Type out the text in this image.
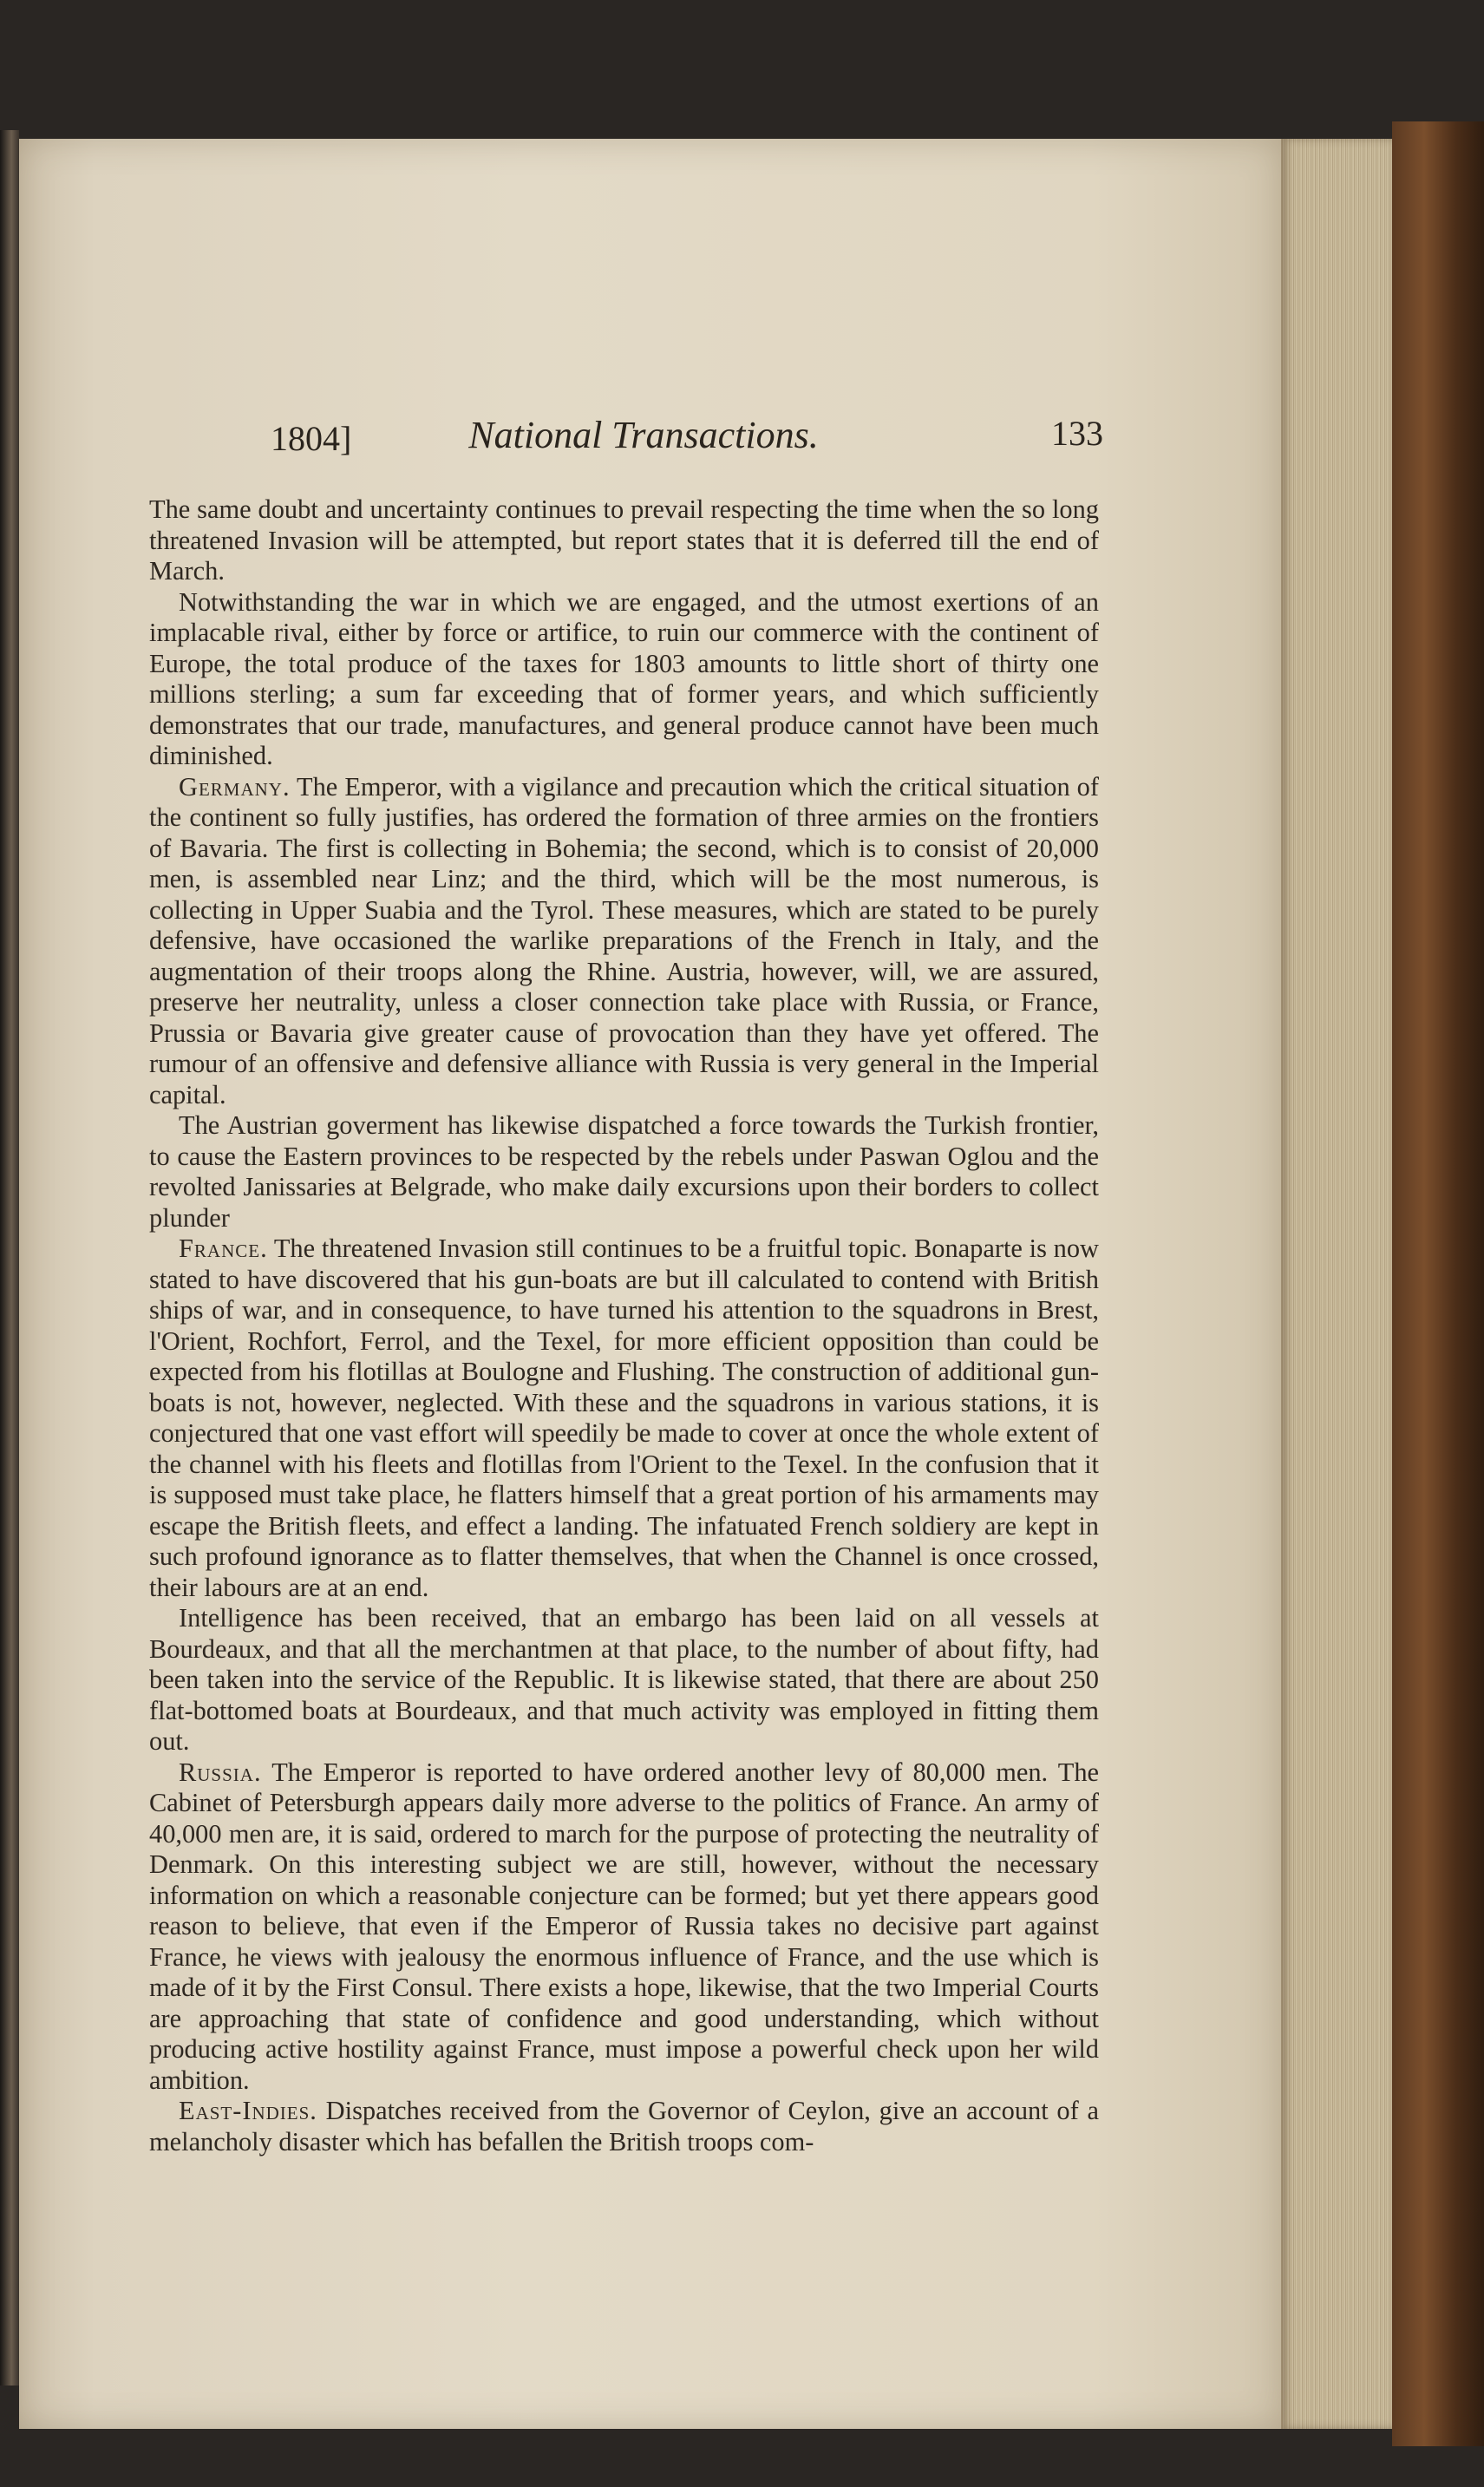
1804]	National Transactions.	133

The same doubt and uncertainty continues to prevail respecting the time when the so long threatened Invasion will be attempted, but report states that it is deferred till the end of March.

Notwithstanding the war in which we are engaged, and the utmost exertions of an implacable rival, either by force or artifice, to ruin our commerce with the continent of Europe, the total produce of the taxes for 1803 amounts to little short of thirty one millions sterling; a sum far exceeding that of former years, and which sufficiently demonstrates that our trade, manufactures, and general produce cannot have been much diminished.

Germany. The Emperor, with a vigilance and precaution which the critical situation of the continent so fully justifies, has ordered the formation of three armies on the frontiers of Bavaria. The first is collecting in Bohemia; the second, which is to consist of 20,000 men, is assembled near Linz; and the third, which will be the most numerous, is collecting in Upper Suabia and the Tyrol. These measures, which are stated to be purely defensive, have occasioned the warlike preparations of the French in Italy, and the augmentation of their troops along the Rhine. Austria, however, will, we are assured, preserve her neutrality, unless a closer connection take place with Russia, or France, Prussia or Bavaria give greater cause of provocation than they have yet offered. The rumour of an offensive and defensive alliance with Russia is very general in the Imperial capital.

The Austrian goverment has likewise dispatched a force towards the Turkish frontier, to cause the Eastern provinces to be respected by the rebels under Paswan Oglou and the revolted Janissaries at Belgrade, who make daily excursions upon their borders to collect plunder

France. The threatened Invasion still continues to be a fruitful topic. Bonaparte is now stated to have discovered that his gun-boats are but ill calculated to contend with British ships of war, and in consequence, to have turned his attention to the squadrons in Brest, l'Orient, Rochfort, Ferrol, and the Texel, for more efficient opposition than could be expected from his flotillas at Boulogne and Flushing. The construction of additional gun-boats is not, however, neglected. With these and the squadrons in various stations, it is conjectured that one vast effort will speedily be made to cover at once the whole extent of the channel with his fleets and flotillas from l'Orient to the Texel. In the confusion that it is supposed must take place, he flatters himself that a great portion of his armaments may escape the British fleets, and effect a landing. The infatuated French soldiery are kept in such profound ignorance as to flatter themselves, that when the Channel is once crossed, their labours are at an end.

Intelligence has been received, that an embargo has been laid on all vessels at Bourdeaux, and that all the merchantmen at that place, to the number of about fifty, had been taken into the service of the Republic. It is likewise stated, that there are about 250 flat-bottomed boats at Bourdeaux, and that much activity was employed in fitting them out.

Russia. The Emperor is reported to have ordered another levy of 80,000 men. The Cabinet of Petersburgh appears daily more adverse to the politics of France. An army of 40,000 men are, it is said, ordered to march for the purpose of protecting the neutrality of Denmark. On this interesting subject we are still, however, without the necessary information on which a reasonable conjecture can be formed; but yet there appears good reason to believe, that even if the Emperor of Russia takes no decisive part against France, he views with jealousy the enormous influence of France, and the use which is made of it by the First Consul. There exists a hope, likewise, that the two Imperial Courts are approaching that state of confidence and good understanding, which without producing active hostility against France, must impose a powerful check upon her wild ambition.

East-Indies. Dispatches received from the Governor of Ceylon, give an account of a melancholy disaster which has befallen the British troops com-
